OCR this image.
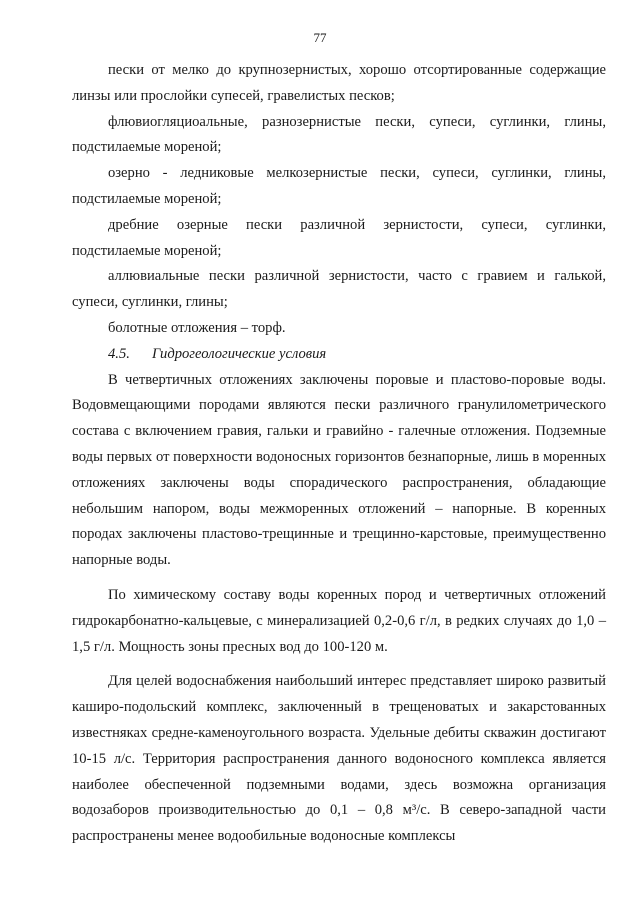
77

пески от мелко до крупнозернистых, хорошо отсортированные содержащие линзы или прослойки супесей, гравелистых песков;

флювиогляциоальные, разнозернистые пески, супеси, суглинки, глины, подстилаемые мореной;

озерно - ледниковые мелкозернистые пески, супеси, суглинки, глины, подстилаемые мореной;

дребние озерные пески различной зернистости, супеси, суглинки, подстилаемые мореной;

аллювиальные пески различной зернистости, часто с гравием и галькой, супеси, суглинки, глины;

болотные отложения – торф.

4.5. Гидрогеологические условия

В четвертичных отложениях заключены поровые и пластово-поровые воды. Водовмещающими породами являются пески различного гранулилометрического состава с включением гравия, гальки и гравийно - галечные отложения. Подземные воды первых от поверхности водоносных горизонтов безнапорные, лишь в моренных отложениях заключены воды спорадического распространения, обладающие небольшим напором, воды межморенных отложений – напорные. В коренных породах заключены пластово-трещинные и трещинно-карстовые, преимущественно напорные воды.

По химическому составу воды коренных пород и четвертичных отложений гидрокарбонатно-кальцевые, с минерализацией 0,2-0,6 г/л, в редких случаях до 1,0 – 1,5 г/л. Мощность зоны пресных вод до 100-120 м.

Для целей водоснабжения наибольший интерес представляет широко развитый каширо-подольский комплекс, заключенный в трещеноватых и закарстованных известняках средне-каменоугольного возраста. Удельные дебиты скважин достигают 10-15 л/с. Территория распространения данного водоносного комплекса является наиболее обеспеченной подземными водами, здесь возможна организация водозаборов производительностью до 0,1 – 0,8 м³/с. В северо-западной части распространены менее водообильные водоносные комплексы
